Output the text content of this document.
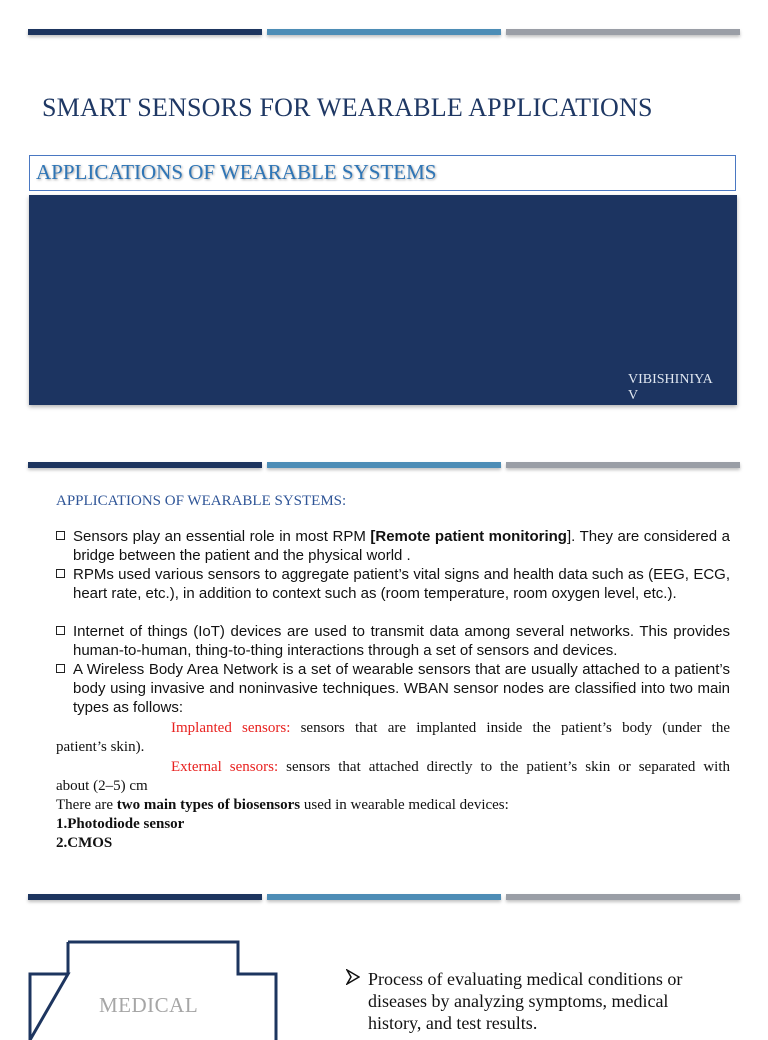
SMART SENSORS FOR WEARABLE APPLICATIONS
APPLICATIONS OF WEARABLE SYSTEMS
VIBISHINIYA
V
APPLICATIONS OF WEARABLE SYSTEMS:
Sensors play an essential role in most RPM [Remote patient monitoring]. They are considered a bridge between the patient and the physical world .
RPMs used various sensors to aggregate patient’s vital signs and health data such as (EEG, ECG, heart rate, etc.), in addition to context such as (room temperature, room oxygen level, etc.).
Internet of things (IoT) devices are used to transmit data among several networks. This provides human-to-human, thing-to-thing interactions through a set of sensors and devices.
A Wireless Body Area Network is a set of wearable sensors that are usually attached to a patient’s body using invasive and noninvasive techniques. WBAN sensor nodes are classified into two main types as follows:
Implanted sensors: sensors that are implanted inside the patient’s body (under the
patient’s skin).
External sensors: sensors that attached directly to the patient’s skin or separated with
about (2–5) cm
There are two main types of biosensors used in wearable medical devices:
1.Photodiode sensor
2.CMOS
MEDICAL
Process of evaluating medical conditions or diseases by analyzing symptoms, medical history, and test results.
